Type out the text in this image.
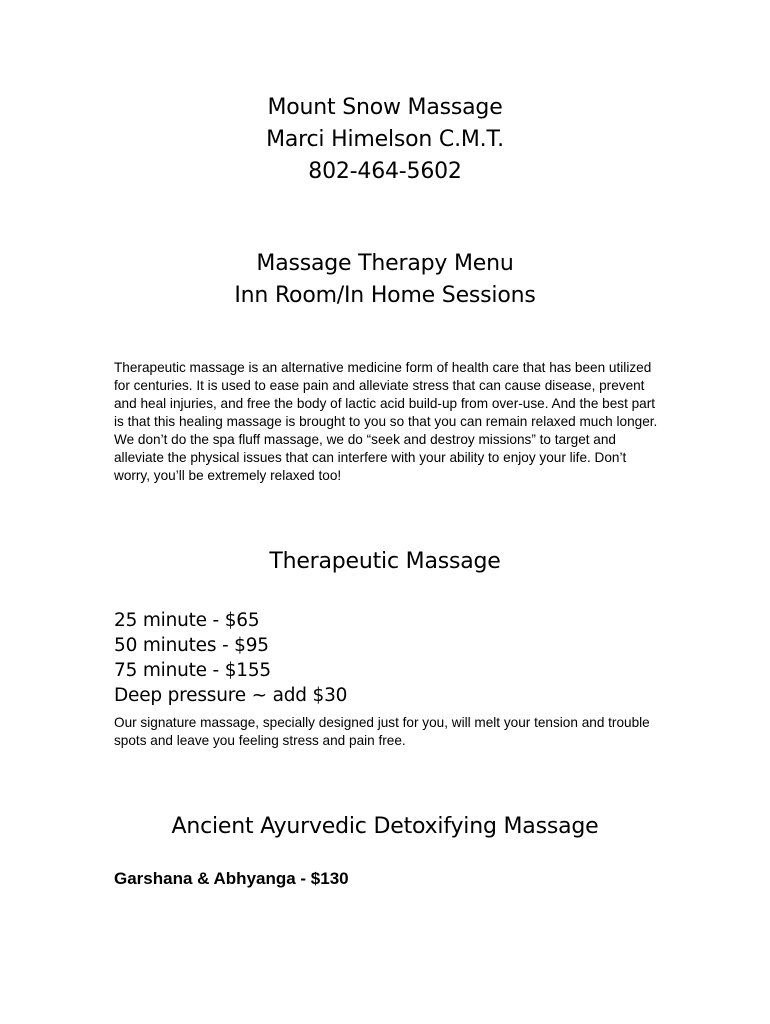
Mount Snow Massage
Marci Himelson C.M.T.
802-464-5602
Massage Therapy Menu
Inn Room/In Home Sessions

Therapeutic massage is an alternative medicine form of health care that has been utilized for centuries. It is used to ease pain and alleviate stress that can cause disease, prevent and heal injuries, and free the body of lactic acid build-up from over-use. And the best part is that this healing massage is brought to you so that you can remain relaxed much longer. We don’t do the spa fluff massage, we do “seek and destroy missions” to target and alleviate the physical issues that can interfere with your ability to enjoy your life. Don’t worry, you’ll be extremely relaxed too!

Therapeutic Massage
25 minute - $65
50 minutes - $95
75 minute - $155
Deep pressure ~ add $30

Our signature massage, specially designed just for you, will melt your tension and trouble spots and leave you feeling stress and pain free.

Ancient Ayurvedic Detoxifying Massage

Garshana & Abhyanga - $130
